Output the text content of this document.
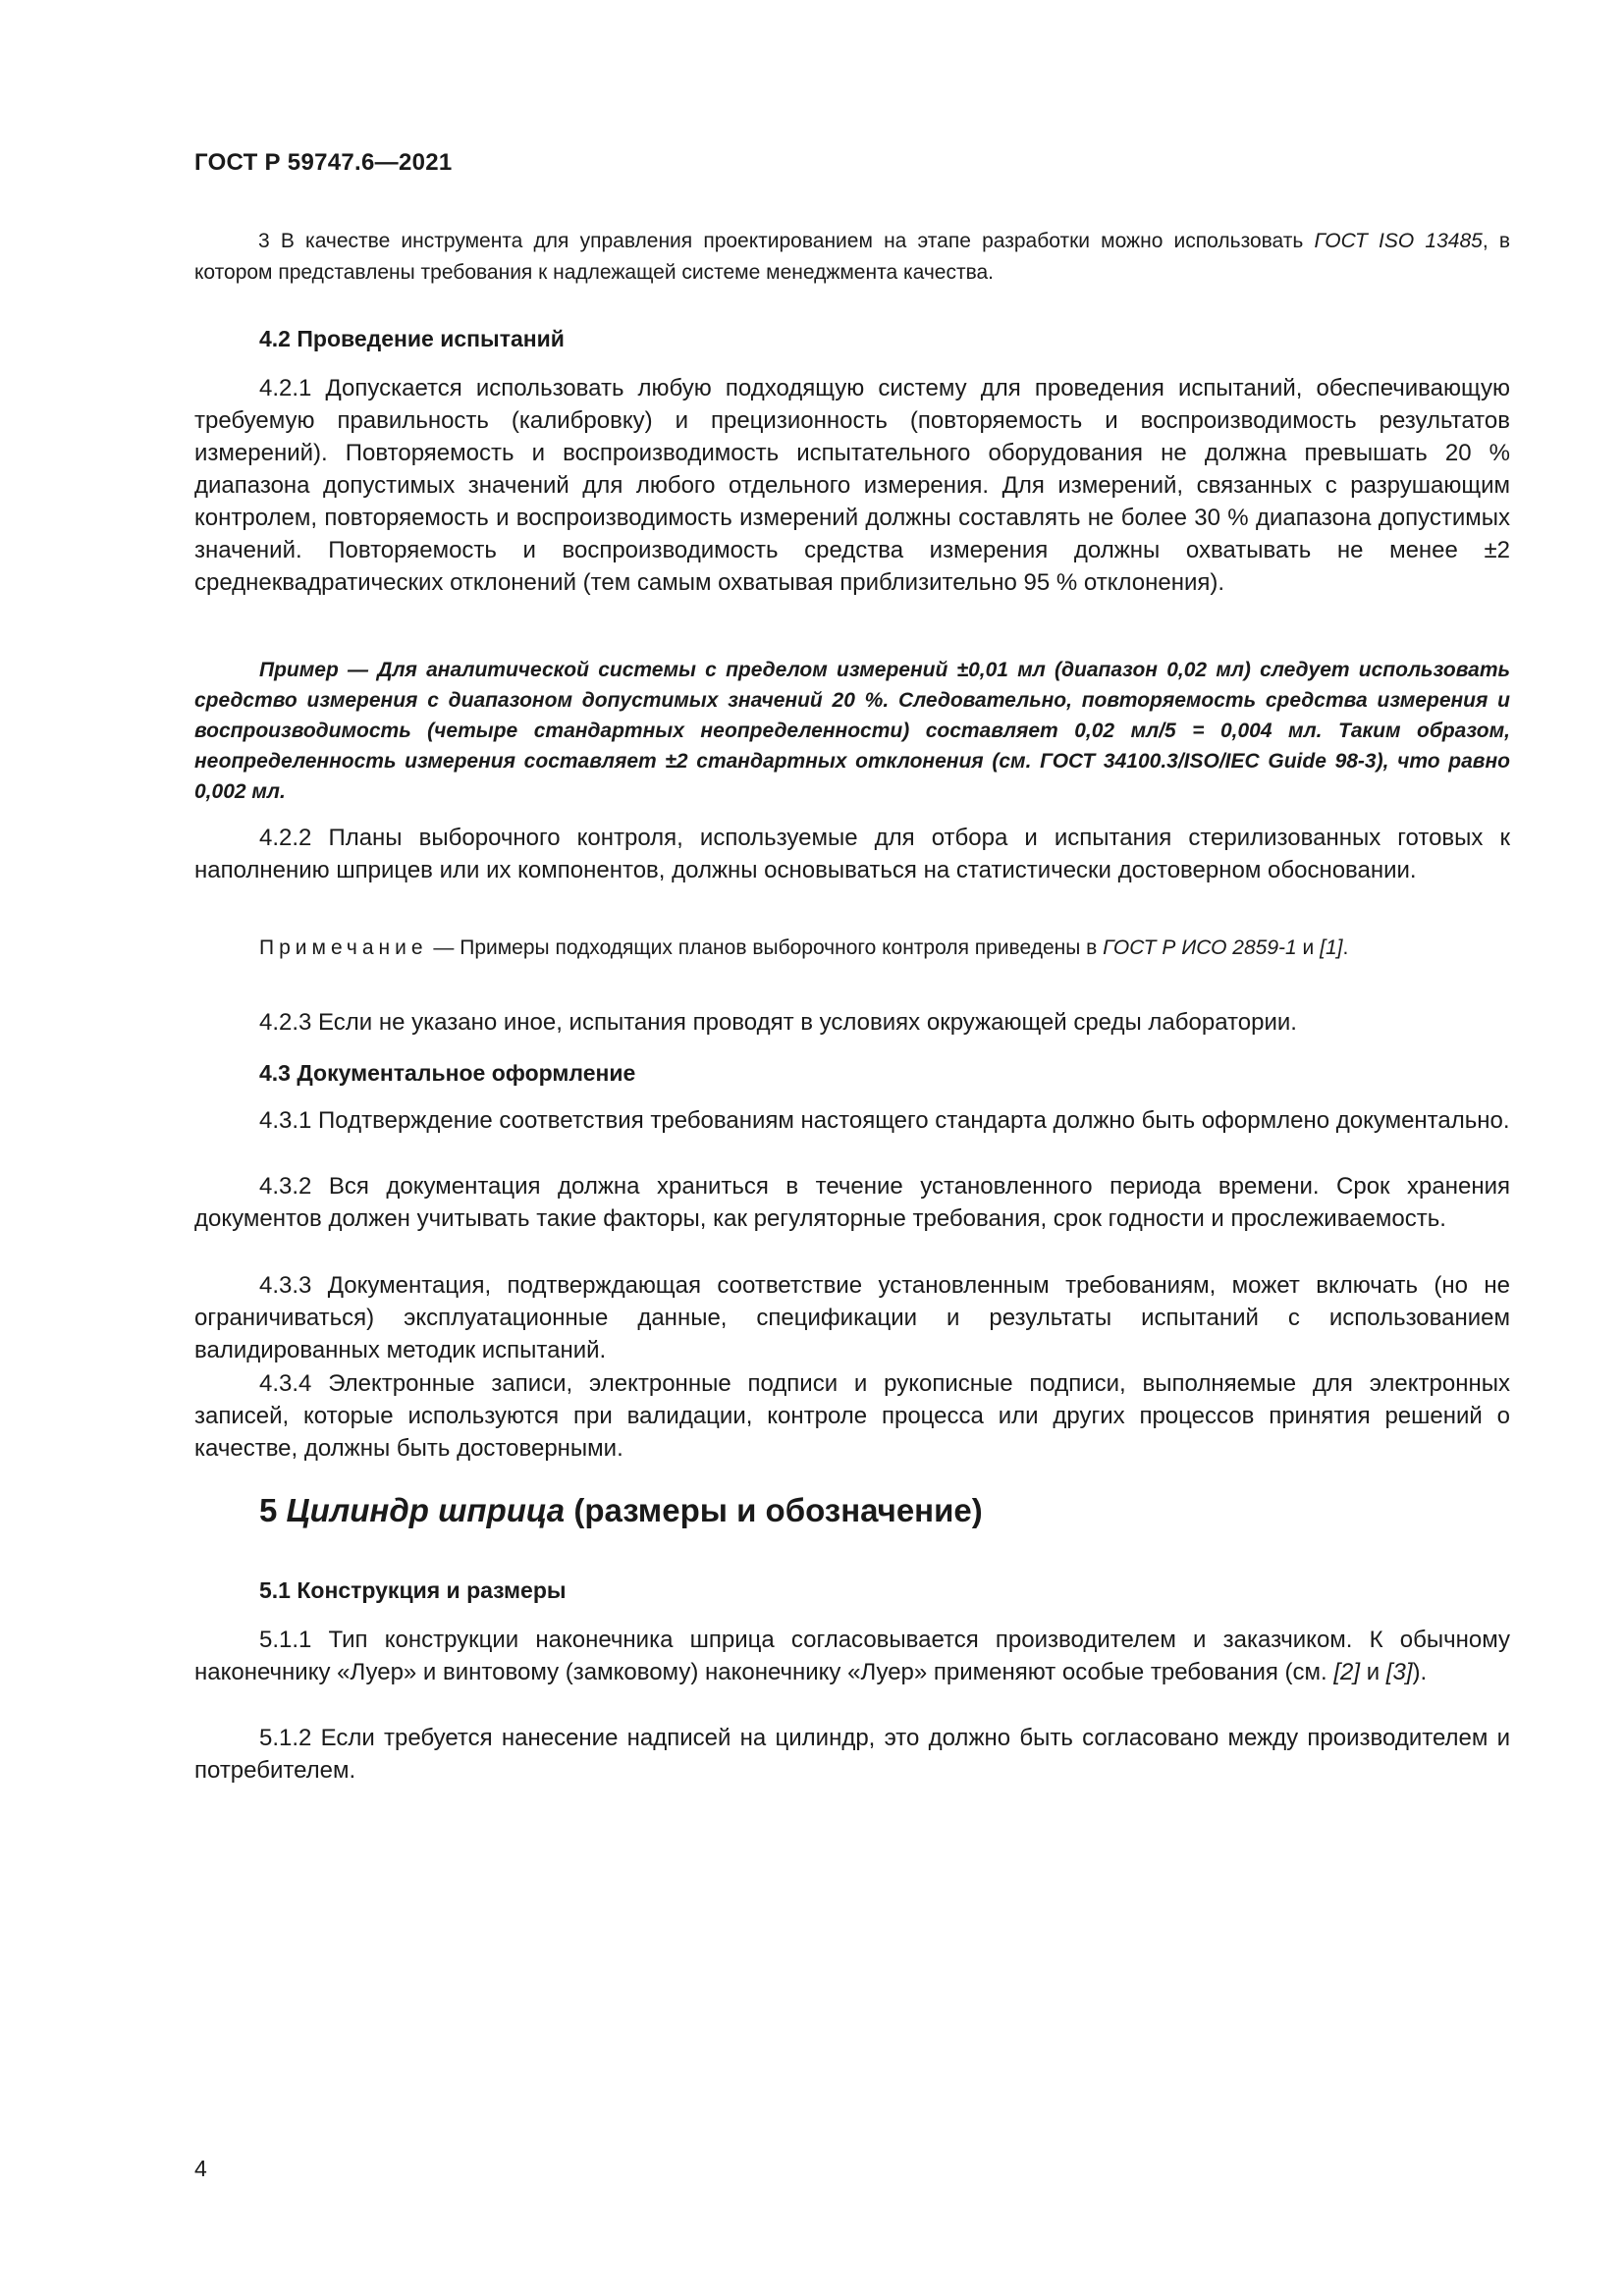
ГОСТ Р 59747.6—2021
3 В качестве инструмента для управления проектированием на этапе разработки можно использовать ГОСТ ISO 13485, в котором представлены требования к надлежащей системе менеджмента качества.
4.2 Проведение испытаний
4.2.1 Допускается использовать любую подходящую систему для проведения испытаний, обеспечивающую требуемую правильность (калибровку) и прецизионность (повторяемость и воспроизводимость результатов измерений). Повторяемость и воспроизводимость испытательного оборудования не должна превышать 20 % диапазона допустимых значений для любого отдельного измерения. Для измерений, связанных с разрушающим контролем, повторяемость и воспроизводимость измерений должны составлять не более 30 % диапазона допустимых значений. Повторяемость и воспроизводимость средства измерения должны охватывать не менее ±2 среднеквадратических отклонений (тем самым охватывая приблизительно 95 % отклонения).
Пример — Для аналитической системы с пределом измерений ±0,01 мл (диапазон 0,02 мл) следует использовать средство измерения с диапазоном допустимых значений 20 %. Следовательно, повторяемость средства измерения и воспроизводимость (четыре стандартных неопределенности) составляет 0,02 мл/5 = 0,004 мл. Таким образом, неопределенность измерения составляет ±2 стандартных отклонения (см. ГОСТ 34100.3/ISO/IEC Guide 98-3), что равно 0,002 мл.
4.2.2 Планы выборочного контроля, используемые для отбора и испытания стерилизованных готовых к наполнению шприцев или их компонентов, должны основываться на статистически достоверном обосновании.
Примечание — Примеры подходящих планов выборочного контроля приведены в ГОСТ Р ИСО 2859-1 и [1].
4.2.3 Если не указано иное, испытания проводят в условиях окружающей среды лаборатории.
4.3 Документальное оформление
4.3.1 Подтверждение соответствия требованиям настоящего стандарта должно быть оформлено документально.
4.3.2 Вся документация должна храниться в течение установленного периода времени. Срок хранения документов должен учитывать такие факторы, как регуляторные требования, срок годности и прослеживаемость.
4.3.3 Документация, подтверждающая соответствие установленным требованиям, может включать (но не ограничиваться) эксплуатационные данные, спецификации и результаты испытаний с использованием валидированных методик испытаний.
4.3.4 Электронные записи, электронные подписи и рукописные подписи, выполняемые для электронных записей, которые используются при валидации, контроле процесса или других процессов принятия решений о качестве, должны быть достоверными.
5 Цилиндр шприца (размеры и обозначение)
5.1 Конструкция и размеры
5.1.1 Тип конструкции наконечника шприца согласовывается производителем и заказчиком. К обычному наконечнику «Луер» и винтовому (замковому) наконечнику «Луер» применяют особые требования (см. [2] и [3]).
5.1.2 Если требуется нанесение надписей на цилиндр, это должно быть согласовано между производителем и потребителем.
4
